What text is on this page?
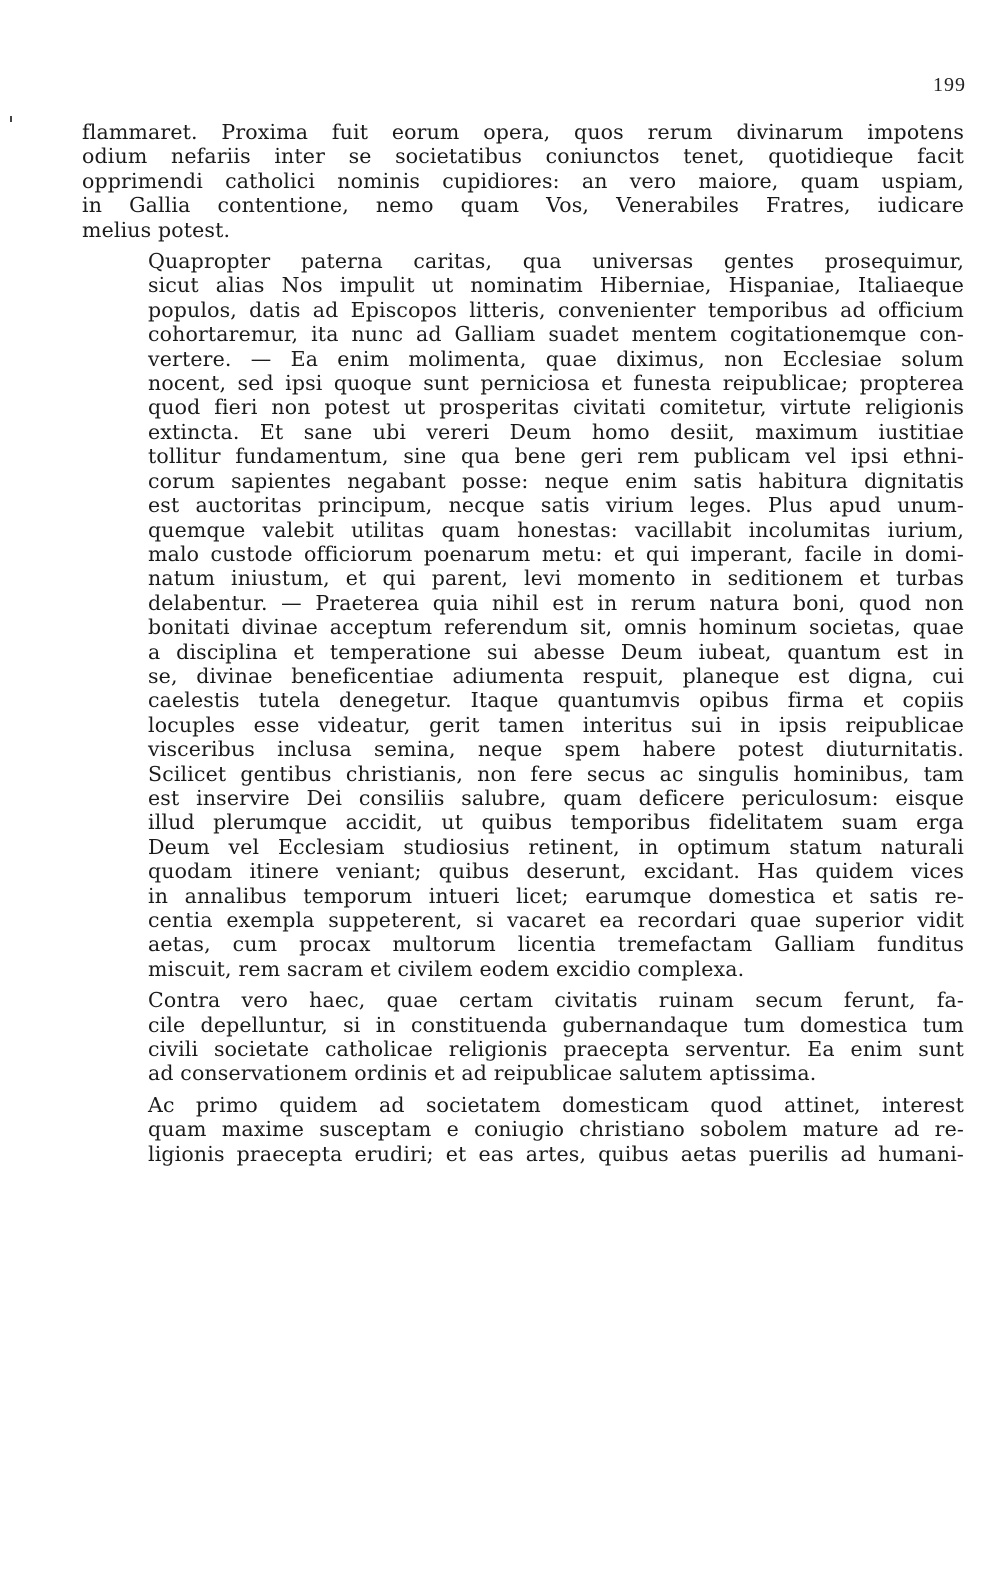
199
flammaret. Proxima fuit eorum opera, quos rerum divinarum impotens
odium nefariis inter se societatibus coniunctos tenet, quotidieque facit
opprimendi catholici nominis cupidiores: an vero maiore, quam uspiam,
in Gallia contentione, nemo quam Vos, Venerabiles Fratres, iudicare
melius potest.
Quapropter paterna caritas, qua universas gentes prosequimur,
sicut alias Nos impulit ut nominatim Hiberniae, Hispaniae, Italiaeque
populos, datis ad Episcopos litteris, convenienter temporibus ad officium
cohortaremur, ita nunc ad Galliam suadet mentem cogitationemque con-
vertere. — Ea enim molimenta, quae diximus, non Ecclesiae solum
nocent, sed ipsi quoque sunt perniciosa et funesta reipublicae; propterea
quod fieri non potest ut prosperitas civitati comitetur, virtute religionis
extincta. Et sane ubi vereri Deum homo desiit, maximum iustitiae
tollitur fundamentum, sine qua bene geri rem publicam vel ipsi ethni-
corum sapientes negabant posse: neque enim satis habitura dignitatis
est auctoritas principum, necque satis virium leges. Plus apud unum-
quemque valebit utilitas quam honestas: vacillabit incolumitas iurium,
malo custode officiorum poenarum metu: et qui imperant, facile in domi-
natum iniustum, et qui parent, levi momento in seditionem et turbas
delabentur. — Praeterea quia nihil est in rerum natura boni, quod non
bonitati divinae acceptum referendum sit, omnis hominum societas, quae
a disciplina et temperatione sui abesse Deum iubeat, quantum est in
se, divinae beneficentiae adiumenta respuit, planeque est digna, cui
caelestis tutela denegetur. Itaque quantumvis opibus firma et copiis
locuples esse videatur, gerit tamen interitus sui in ipsis reipublicae
visceribus inclusa semina, neque spem habere potest diuturnitatis.
Scilicet gentibus christianis, non fere secus ac singulis hominibus, tam
est inservire Dei consiliis salubre, quam deficere periculosum: eisque
illud plerumque accidit, ut quibus temporibus fidelitatem suam erga
Deum vel Ecclesiam studiosius retinent, in optimum statum naturali
quodam itinere veniant; quibus deserunt, excidant. Has quidem vices
in annalibus temporum intueri licet; earumque domestica et satis re-
centia exempla suppeterent, si vacaret ea recordari quae superior vidit
aetas, cum procax multorum licentia tremefactam Galliam funditus
miscuit, rem sacram et civilem eodem excidio complexa.
Contra vero haec, quae certam civitatis ruinam secum ferunt, fa-
cile depelluntur, si in constituenda gubernandaque tum domestica tum
civili societate catholicae religionis praecepta serventur. Ea enim sunt
ad conservationem ordinis et ad reipublicae salutem aptissima.
Ac primo quidem ad societatem domesticam quod attinet, interest
quam maxime susceptam e coniugio christiano sobolem mature ad re-
ligionis praecepta erudiri; et eas artes, quibus aetas puerilis ad humani-
